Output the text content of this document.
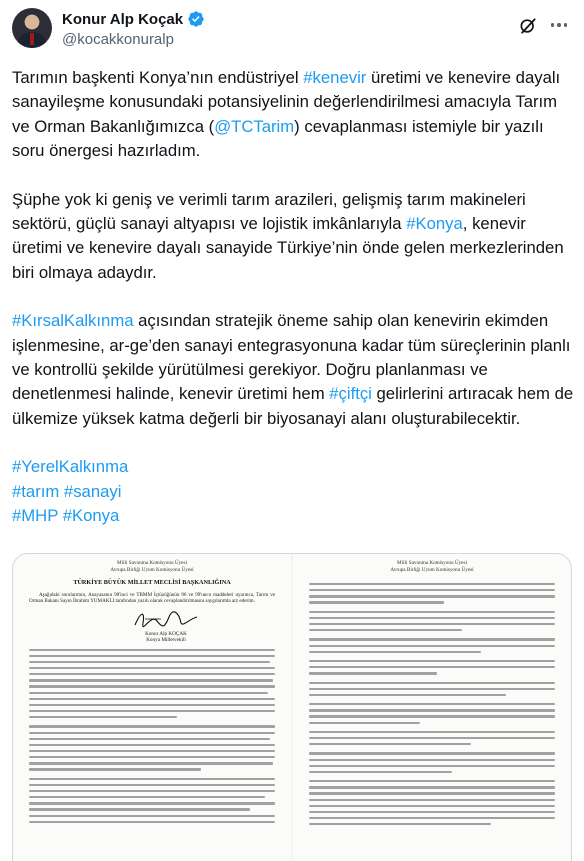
Konur Alp Koçak
@kocakkonuralp

Tarımın başkenti Konya’nın endüstriyel #kenevir üretimi ve kenevire dayalı sanayileşme konusundaki potansiyelinin değerlendirilmesi amacıyla Tarım ve Orman Bakanlığımızca (@TCTarim) cevaplanması istemiyle bir yazılı soru önergesi hazırladım.

Şüphe yok ki geniş ve verimli tarım arazileri, gelişmiş tarım makineleri sektörü, güçlü sanayi altyapısı ve lojistik imkânlarıyla #Konya, kenevir üretimi ve kenevire dayalı sanayide Türkiye’nin önde gelen merkezlerinden biri olmaya adaydır.

#KırsalKalkınma açısından stratejik öneme sahip olan kenevirin ekimden işlenmesine, ar-ge’den sanayi entegrasyonuna kadar tüm süreçlerinin planlı ve kontrollü şekilde yürütülmesi gerekiyor. Doğru planlanması ve denetlenmesi halinde, kenevir üretimi hem #çiftçi gelirlerini artıracak hem de ülkemize yüksek katma değerli bir biyosanayi alanı oluşturabilecektir.

#YerelKalkınma
#tarım #sanayi
#MHP #Konya
Milli Savunma Komisyonu Üyesi
Avrupa Birliği Uyum Komisyonu Üyesi
TÜRKİYE BÜYÜK MİLLET MECLİSİ BAŞKANLIĞINA
Aşağıdaki sorularımın, Anayasanın 98'inci ve TBMM İçtüzüğünün 96 ve 99'uncu maddeleri uyarınca, Tarım ve Orman Bakanı Sayın İbrahim YUMAKLI tarafından yazılı olarak cevaplandırılmasını saygılarımla arz ederim.
Konur Alp KOÇAK
Konya Milletvekili
Milli Savunma Komisyonu Üyesi
Avrupa Birliği Uyum Komisyonu Üyesi
